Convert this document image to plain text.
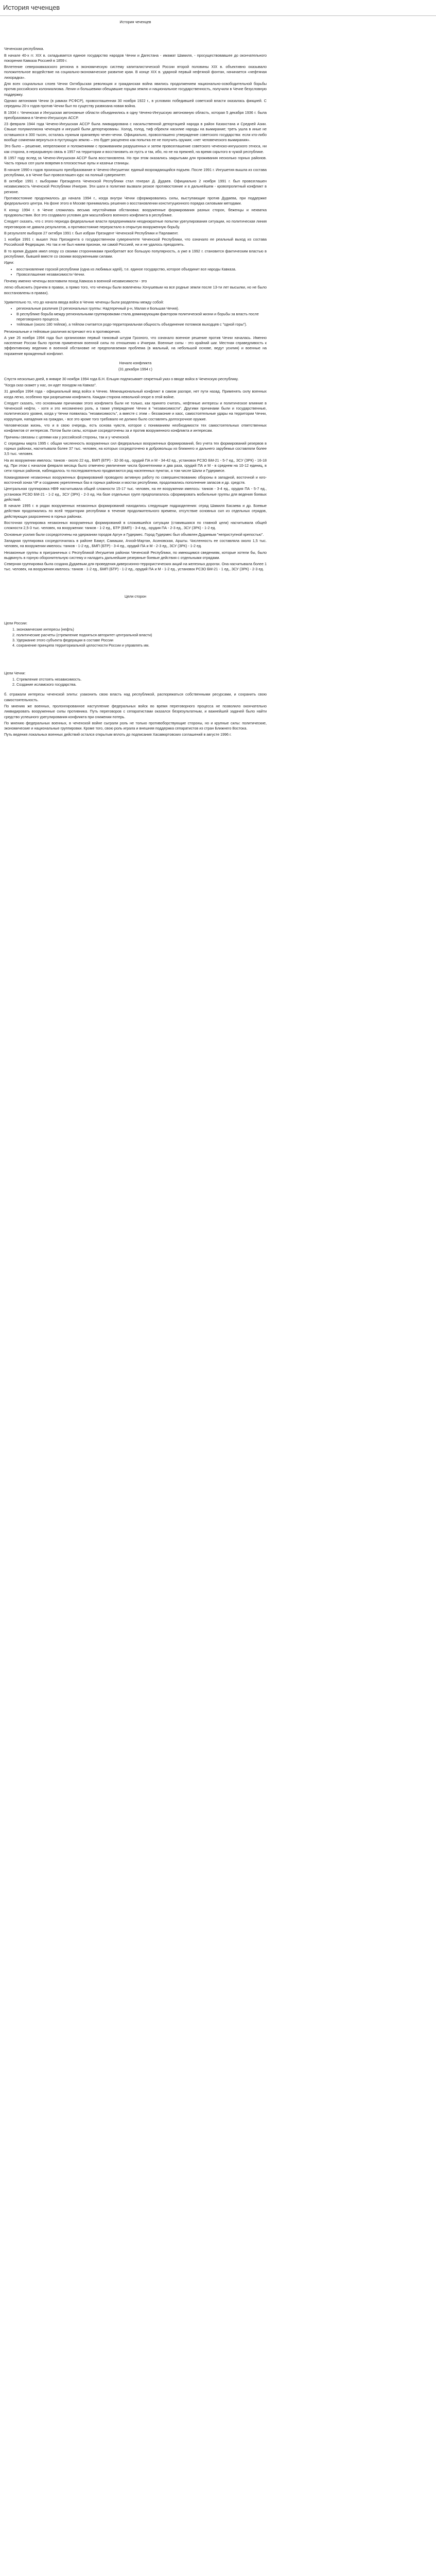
История чеченцев

История чеченцев

Чеченская республика.

В начале 40-х гг. XIX в. складывается единое государство народов Чечни и Дагестана - имамат Шамиля, - просуществовавшее до окончательного покорения Кавказа Россией в 1859 г.

Вплетение северокавказского региона в экономическую систему капиталистической России второй половины XIX в. объективно оказывало положительное воздействие на социально-экономическое развитие края. В конце XIX в. ударной первый нефтяной фонтан, начинается «нефтяная лихорадка».

Для всех социальных слоев Чечни Октябрьская революция и гражданская война явились продолжением национально-освободительной борьбы против российского колониализма. Ленин и большевики обещавшие горцам землю и национальное государственность, получили в Чечне безусловную поддержку.

Однако автономия Чечни (в рамках РСФСР), провозглашенная 30 ноября 1922 г., в условиях победившей советской власти оказалась фикцией. С середины 20-х годов против Чечни был по существу развязана новая война.

В 1934 г. Чеченская и Ингушская автономные области объединились в одну Чечено-Ингушскую автономную область, которая 5 декабря 1936 г. была преобразована в Чечено-Ингушскую АССР.

23 февраля 1944 года Чечено-Ингушская АССР была ликвидирована с насильственной депортацией народа в район Казахстана и Средней Азии. Свыше полумиллиона чеченцев и ингушей были депортированы. Холод, голод, тиф обрекли насилие народы на вымирание; треть ушла в иные не оставшихся в 300 тысяч, осталась нужным оранжевую чечен-чечни. Официально, провозглашено утверждение советского государства: если кто-либо вообще сомнении вернуться в пустующую землю – это будет расценено как попытка ее не получить оружия; «нет человеческого вымирания».

Это было – решение, непреложное и положениями с проживанием разрушенных и затем провозглашение советского чеченско-ингушского этноса, ни как сторона, в неразрывную связь в 1957 на территории и восстановить их пусть и так, ибо, но не на прежней, на время скрытого в чужой республике.

В 1957 году вслед за Чечено-Ингушская АССР была восстановлена. Но при этом оказались закрытыми для проживания несколько горных районов. Часть горных сел ушли вовремя в плоскостные аулы и казачьи станицы.

В начале 1990-х годов произошло преобразование в Чечено-Ингушетии: единый возрождающийся подъем. После 1991 г. Ингушетия вышла из состава республики, а в Чечне был провозглашен курс на полный суверенитет.

В октябре 1991 г. выборами Президента Чеченской Республики стал генерал Д. Дудаев. Официально 2 ноября 1991 г. был провозглашен независимость Чеченской Республики Ичкерия. Эти шаги в политике вызвали резкое противостояние и в дальнейшем - кровопролитный конфликт в регионе.

Противостояние продолжалось до начала 1994 г., когда внутри Чечни сформировались силы, выступающие против Дудаева, при поддержке федерального центра. На фоне этого в Москве принимались решения о восстановлении конституционного порядка силовыми методами.

К концу 1994 г. в Чечне сложилась весьма неустойчивая обстановка: вооруженные формирования разных сторон, беженцы и нехватка продовольствия. Все это создавало условия для масштабного военного конфликта в республике.

Следует сказать, что с этого периода федеральные власти предпринимали неоднократные попытки урегулирования ситуации, но политическая линия переговоров не давала результатов, а противостояние перерастало в открытую вооруженную борьбу.

В результате выборов 27 октября 1991 г. был избран Президент Чеченской Республики и Парламент.

1 ноября 1991 г. вышел Указ Президента о государственном суверенитете Чеченской Республики, что означало ее реальный выход из состава Российской Федерации. Но так и не был никем признан, ни самой Россией, ни и не удалось преодолеть.

В то время Дудаев имел опору со своими сторонниками приобретает все большую популярность, а уже в 1992 г. становится фактическим властью в республике, бывшей вместе со своими вооруженными силами.

Идеи:

• восстановление горской республики (одна из любимых идей), т.е. единое государство, которое объединит все народы Кавказа.
• Провозглашение независимости Чечни.

Почему именно чеченцы возглавили поход Кавказа в военной независимости - это

легко объяснить (причем в правах, а прямо того, что чеченцы были вовлечены Хочушевым на все родные земли после 13-ти лет высылки, но не было восстановлены в правах).

Удивительно то, что до начала ввода войск в Чечню чеченцы были разделены между собой:

• региональные различия (3 региональных группы: Надтеречный р-н, Малая и Большая Чечня).
• В республике борьба между региональными группировками стала доминирующим фактором политической жизни и борьбы за власть после переговорного процесса.
• тейповые (около 180 тейпов), а тейпом считается родо-территориальная общность объединение потомков выходцев с "одной горы").

Региональные и тейповые различия встречают его в противоречия.

А уже 26 ноября 1994 года был организован первый танковый штурм Грозного, что означало военное решение против Чечни началась. Именно население России было против применения военной силы по отношению к Ичкерии. Военные силы - это крайний шаг. Местная справедливость к эффективному ведению в военной обстановке не предполагаемая проблема (в мальный, на небольшой основе, ведут усилия) и военные на поражение врожденный конфликт.

Начало конфликта

(31 декабря 1994 г.)

Спустя несколько дней, в январе 30 ноября 1994 года Б.Н. Ельцин подписывает секретный указ о вводе войск в Чеченскую республику.

"Когда сказ скажет у нас, он идет походом на Кавказ".

31 декабря 1994 года - официальный ввод войск в Чечню. Межнациональный конфликт в самом разгаре, нет пути назад. Применять силу военных когда легко, особенно при разрешении конфликта. Каждая сторона невольной опоре в этой войне.

Следует сказать, что основными причинами этого конфликта были не только, как принято считать, нефтяные интересы и политическое влияние в Чеченской нефти, - хотя и это несомненно роль, а также утверждение Чечни в "независимости". Другими причинами были и государственные, политического уровня, когда у Чечни появилась "независимость", а вместе с этим – беззаконие и хаос, самостоятельные удары на территории Чечни, коррупция, нападения на граждан, - все это кроме того требовало не должно было составлять долгосрочное оружие.

Человеческая жизнь, что и в свою очередь, есть основа чувств, которое с пониманием необходимости тех самостоятельных ответственных конфликтов от интересов. Потом были силы, которые сосредоточены за и против вооруженного конфликта и интересам.

Причины связаны с целями как у российской стороны, так и у чеченской.

С середины марта 1995 г. общая численность вооруженных сил федеральных вооруженных формирований, без учета тех формирований резервов в горных районах, насчитывала более 37 тыс. человек, на которых сосредоточено в добровольцы из ближнего и дальнего зарубежья составляли более 3,5 тыс. человек.

На их вооружении имелось: танков - около 22 ед., БМП (БТР) - 32-36 ед., орудий ПА и М - 34-42 ед., установок РСЗО БМ-21 - 5-7 ед., ЗСУ (ЗРК) - 16-18 ед. При этом с началом февраля месяца было отмечено увеличение числа бронетехники и два раза, орудий ПА и М - в среднем на 10-12 единиц, в сети горных районов, наблюдалось то последовательно продвигаются ряд населенных пунктах, а том числе Шали и Гудермесе.

Командование незаконных вооруженных формирований проводило активную работу по совершенствованию обороны в западной, восточной и юго-восточной зонах ЧР и созданию укрепленных баз в горных районах и мостах республики, продолжались пополнение запасов и др. средств.

Центральная группировка НВФ насчитывала общей сложности 15-17 тыс. человек, на ее вооружении имелось: танков - 3-4 ед., орудия ПА - 5-7 ед., установок РСЗО БМ-21 - 1-2 ед., ЗСУ (ЗРК) - 2-3 ед. На базе отдельных групп предполагалось сформировать мобильные группы для ведения боевых действий.

В начале 1995 г. в рядах вооруженных незаконных формирований находились следующие подразделения: отряд Шамиля Басаева и др. Боевые действия продолжались по всей территории республики в течение продолжительного времени, отсутствие основных сил из отдельных отрядов, действующих разрозненно в горных районах.

Восточная группировка незаконных вооруженных формирований в сложившейся ситуации (ставившаяся по главной цели) насчитывала общей сложности 2,5-3 тыс. человек, на вооружении: танков - 1-2 ед., БТР (БМП) - 3-4 ед., орудия ПА - 2-3 ед., ЗСУ (ЗРК) - 1-2 ед.

Основные усилия были сосредоточены на удержании городов Аргун и Гудермес. Город Гудермес был объявлен Дудаевым "неприступной крепостью".

Западная группировка сосредоточилась в районе Бамут, Самашки, Ачхой-Мартан, Асиновская, Аршты. Численность ее составляла около 1,5 тыс. человек, на вооружении имелось: танков - 1-2 ед., БМП (БТР) - 3-4 ед., орудий ПА и М - 2-3 ед., ЗСУ (ЗРК) - 1-2 ед.

Незаконные группы в приграничных с Республикой Ингушетия районах Чеченской Республики, по имеющимся сведениям, которые хотели бы, было выдвинуть в горную оборонительную систему и наладить дальнейшие резервные боевые действия с отдельными отрядами.

Северная группировка была создана Дудаевым для проведения диверсионно-террористических акций на железных дорогах. Она насчитывала более 1 тыс. человек, на вооружении имелось: танков - 1-2 ед., БМП (БТР) - 1-2 ед., орудий ПА и М - 1-2 ед., установок РСЗО БМ-21 - 1 ед., ЗСУ (ЗРК) - 2-3 ед.

Цели сторон

Цели России:

1. экономические интересы (нефть)
2. политические расчеты (стремление подняться авторитет центральной власти)
3. Удержание этого субъекта федерации в составе России
4. сохранение принципа территориальной целостности России и управлять им.

Цели Чечни:

1. Стремление отстоять независимость.
2. Создание исламского государства.

б. отражали интересы чеченской элиты: узаконить свою власть над республикой, распоряжаться собственными ресурсами, и сохранить свою самостоятельность.

По мнению же военных, пролонгированное наступление федеральных войск во время переговорного процесса не позволило окончательно ликвидировать вооруженные силы противника. Путь переговоров с сепаратистами оказался безрезультатным, и важнейшей задачей было найти средство успешного урегулирования конфликта при снижении потерь.

По мнению федеральных военных, в чеченской войне сыграли роль не только противоборствующие стороны, но и крупные силы: политические, экономические и национальные группировки. Кроме того, свою роль играла и внешняя поддержка сепаратистов из стран Ближнего Востока.

Путь ведения локальных военных действий остался открытым вплоть до подписания Хасавюртовских соглашений в августе 1996 г.
